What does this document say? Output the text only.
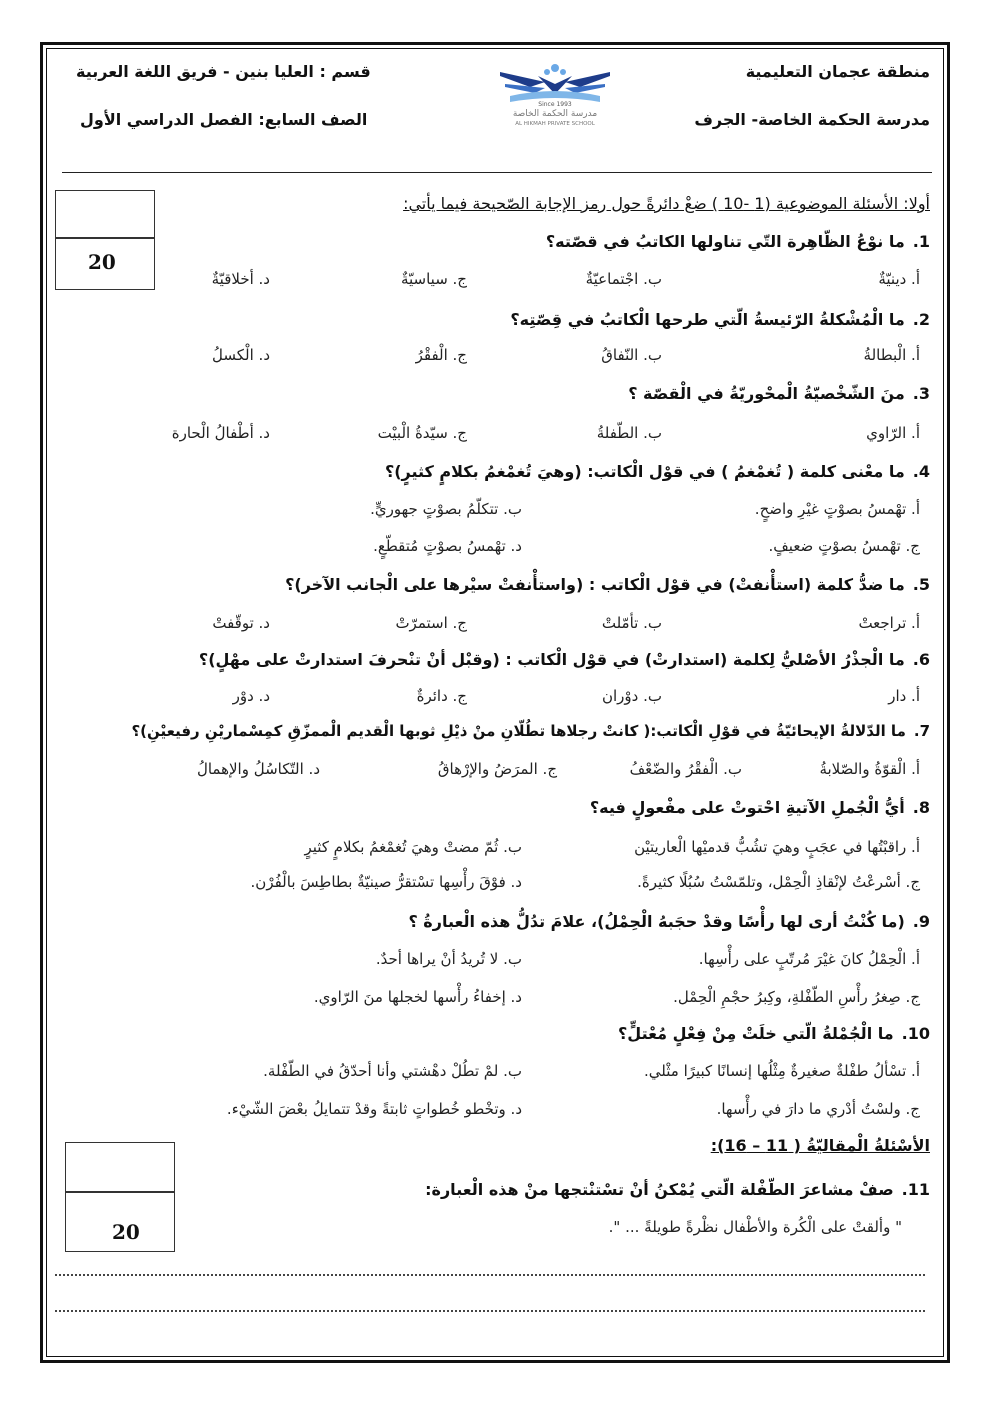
منطقة عجمان التعليمية
مدرسة الحكمة الخاصة- الجرف
قسم : العليا بنين - فريق اللغة العربية
الصف السابع: الفصل الدراسي الأول
Since 1993
مدرسة الحكمة الخاصة
AL HIKMAH PRIVATE SCHOOL
أولا: الأسئلة الموضوعية (1 -10 ) ضعْ دائرةً حول رمز الإجابة الصّحيحة فيما يأتي:
20
1.ما نوْعُ الظّاهِرة التّي تناولها الكاتبُ في قصّته؟
أ. دينيّةٌ
ب. اجْتماعيّةٌ
ج. سياسيّةٌ
د. أخلاقيّةٌ
2.ما الْمُشْكلةُ الرّئيسةُ الّتي طرحها الْكاتبُ في قِصّتِه؟
أ. الْبطالةُ
ب. النّفاقُ
ج. الْفقْرُ
د. الْكسلُ
3.منَ الشّخْصيّةُ الْمحْوريّةُ في الْقصّة ؟
أ. الرّاوي
ب. الطّفلةُ
ج. سيّدةُ الْبيْت
د. أطْفالُ الْحارة
4.ما معْنى كلمة ( تُغمْغمُ ) في قوْل الْكاتب: (وهيَ تُغمْغمُ بكلامٍ كثيرٍ)؟
أ. تهْمسُ بصوْتٍ غيْرِ واضحٍ.
ب. تتكلّمُ بصوْتٍ جهوريٍّ.
ج. تهْمسُ بصوْتٍ ضعيفٍ.
د. تهْمسُ بصوْتٍ مُتقطّعٍ.
5.ما ضدُّ كلمة (استأْنفتْ) في قوْل الْكاتب : (واستأْنفتْ سيْرها على الْجانب الآخر)؟
أ. تراجعتْ
ب. تأمّلتْ
ج. استمرّتْ
د. توقّفتْ
6.ما الْجذْرُ الأصْليُّ لِكلمة (استدارتْ) في قوْل الْكاتب : (وقبْل أنْ تنْحرفَ استدارتْ على مهْلٍ)؟
أ. دار
ب. دوْران
ج. دائرةٌ
د. دوْر
7.ما الدّلالةُ الإيحائيّةُ في قوْلِ الْكاتب:( كانتْ رجلاها تطُلّانِ منْ ذيْلِ ثوبها الْقديم الْممزّقِ كمِسْماريْنِ رفيعيْنِ)؟
أ. الْقوّةُ والصّلابةُ
ب. الْفقْرُ والضّعْفُ
ج. المرَضُ والإرْهاقُ
د. التّكاسُلُ والإهمالُ
8.أيُّ الْجُملِ الآتيةِ احْتوتْ على مفْعولٍ فيه؟
أ. راقبْتُها في عجَبٍ وهيَ تشُبُّ قدميْها الْعاريتيْن
ب. ثُمّ مضتْ وهيَ تُغمْغمُ بكلامٍ كثيرٍ
ج. أسْرعْتُ لإنْقاذِ الْحِمْل، وتلمّسْتُ سُبُلًا كثيرةً.
د. فوْقَ رأْسِها تسْتقرُّ صينيّةٌ بطاطِسَ بالْفُرْن.
9.(ما كُنْتُ أرى لها رأْسًا وقدْ حجَبهُ الْحِمْلُ)، علامَ تدُلُّ هذه الْعبارةُ ؟
أ. الْحِمْلُ كانَ غيْرَ مُرتّبٍ على رأْسِها.
ب. لا تُريدُ أنْ يراها أحدٌ.
ج. صِغرُ رأْسِ الطّفْلةِ، وكِبرُ حجْمِ الْحِمْل.
د. إخفاءُ رأْسها لخجلها منَ الرّاوي.
10.ما الْجُمْلةُ الّتي خلَتْ مِنْ فِعْلٍ مُعْتلٍّ؟
أ. تسْألُ طفْلةٌ صغيرةٌ مِثْلُها إنسانًا كبيرًا مثْلي.
ب. لمْ تطُلْ دهْشتي وأنا أحدّقُ في الطّفْلة.
ج. ولسْتُ أدْري ما دارَ في رأْسها.
د. وتخْطو خُطواتٍ ثابتةً وقدْ تتمايلُ بعْضَ الشّيْء.
الأسْئلةُ الْمقاليّةُ ( 11 – 16):
20
11.صفْ مشاعرَ الطّفْلة الّتي يُمْكنُ أنْ تسْتنْتجها منْ هذه الْعبارة:
" وألقتْ على الْكُرة والأطْفال نظْرةً طويلةً ... ".
